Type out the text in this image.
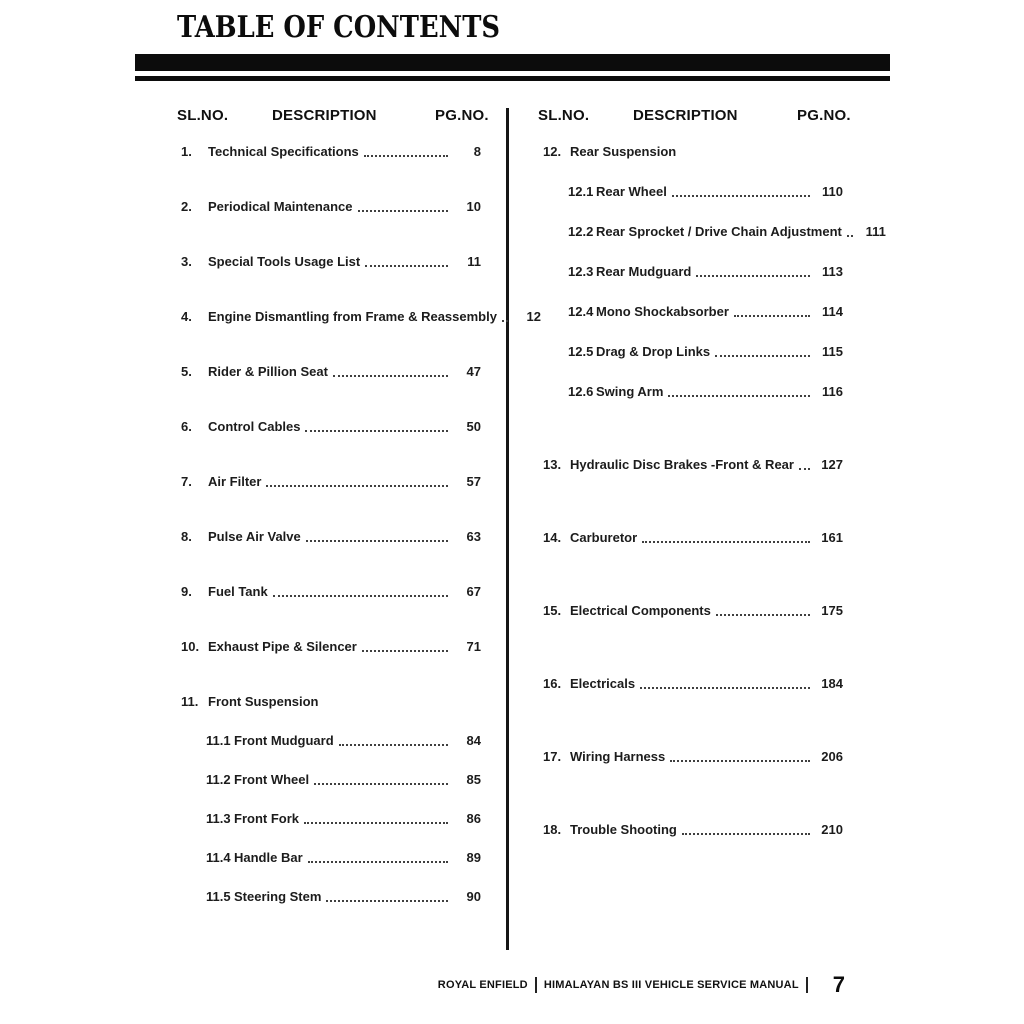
TABLE OF CONTENTS
SL.NO.	DESCRIPTION	PG.NO.	SL.NO.	DESCRIPTION	PG.NO.
1.	Technical Specifications	8
2.	Periodical Maintenance	10
3.	Special Tools Usage List	11
4.	Engine Dismantling from Frame & Reassembly	12
5.	Rider & Pillion Seat	47
6.	Control Cables	50
7.	Air Filter	57
8.	Pulse Air Valve	63
9.	Fuel Tank	67
10. Exhaust Pipe & Silencer	71
11. Front Suspension
11.1 Front Mudguard	84
11.2 Front Wheel	85
11.3 Front Fork	86
11.4 Handle Bar	89
11.5 Steering Stem	90
12. Rear Suspension
12.1 Rear Wheel	110
12.2 Rear Sprocket / Drive Chain Adjustment 111
12.3 Rear Mudguard	113
12.4 Mono Shockabsorber	114
12.5 Drag & Drop Links	115
12.6 Swing Arm	116
13. Hydraulic Disc Brakes -Front & Rear 127
14. Carburetor	161
15. Electrical Components	175
16. Electricals	184
17. Wiring Harness	206
18. Trouble Shooting	210
ROYAL ENFIELD HIMALAYAN BS III VEHICLE SERVICE MANUAL 7
